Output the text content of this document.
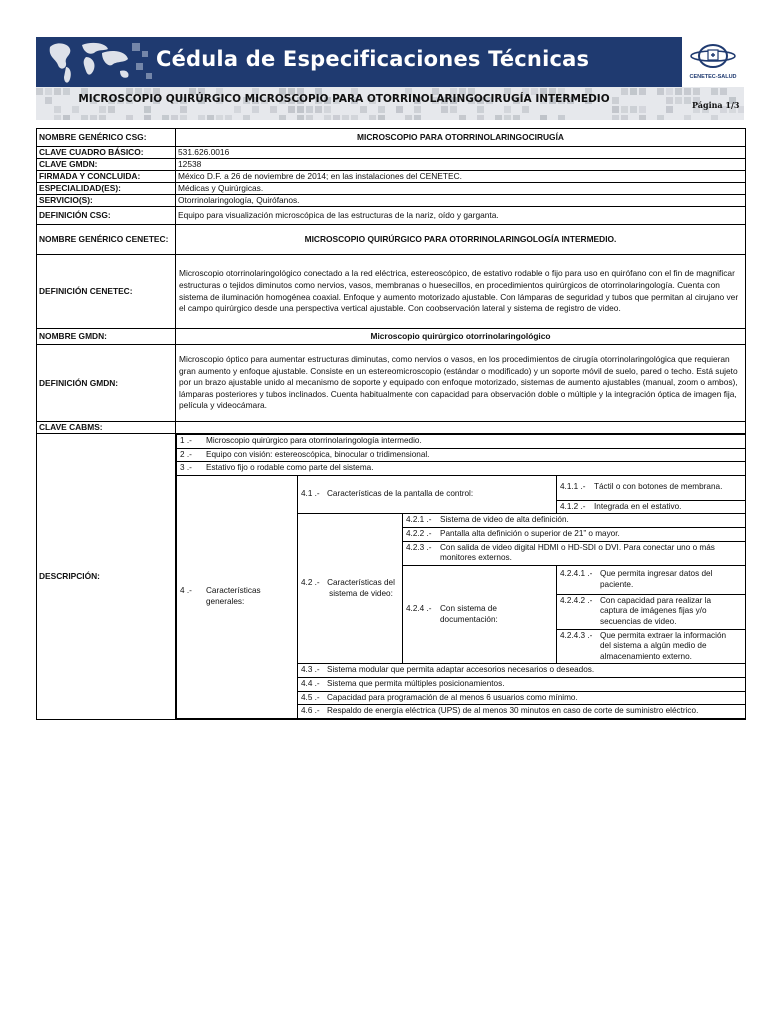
Cédula de Especificaciones Técnicas
CENETEC-SALUD
MICROSCOPIO QUIRÚRGICO MICROSCOPIO PARA OTORRINOLARINGOCIRUGÍA INTERMEDIO	Página 1/3
NOMBRE GENÉRICO CSG:	MICROSCOPIO PARA OTORRINOLARINGOCIRUGÍA
CLAVE CUADRO BÁSICO:	531.626.0016
CLAVE GMDN:	12538
FIRMADA Y CONCLUIDA:	México D.F. a 26 de noviembre de 2014; en las instalaciones del CENETEC.
ESPECIALIDAD(ES):	Médicas y Quirúrgicas.
SERVICIO(S):	Otorrinolaringología, Quirófanos.
DEFINICIÓN CSG:	Equipo para visualización microscópica de las estructuras de la nariz, oído y garganta.
NOMBRE GENÉRICO CENETEC:	MICROSCOPIO QUIRÚRGICO PARA OTORRINOLARINGOLOGÍA INTERMEDIO.
DEFINICIÓN CENETEC:	Microscopio otorrinolaringológico conectado a la red eléctrica, estereoscópico, de estativo rodable o fijo para uso en quirófano con el fin de magnificar estructuras o tejidos diminutos como nervios, vasos, membranas o huesecillos, en procedimientos quirúrgicos de otorrinolaringología. Cuenta con sistema de iluminación homogénea coaxial. Enfoque y aumento motorizado ajustable. Con lámparas de seguridad y tubos que permitan al cirujano ver el campo quirúrgico desde una perspectiva vertical ajustable. Con coobservación lateral y sistema de registro de video.
NOMBRE GMDN:	Microscopio quirúrgico otorrinolaringológico
DEFINICIÓN GMDN:	Microscopio óptico para aumentar estructuras diminutas, como nervios o vasos, en los procedimientos de cirugía otorrinolaringológica que requieran gran aumento y enfoque ajustable. Consiste en un estereomicroscopio (estándar o modificado) y un soporte móvil de suelo, pared o techo. Está sujeto por un brazo ajustable unido al mecanismo de soporte y equipado con enfoque motorizado, sistemas de aumento ajustables (manual, zoom o ambos), lámparas posteriores y tubos inclinados. Cuenta habitualmente con capacidad para observación doble o múltiple y la integración óptica de imagen fija, película y videocámara.
CLAVE CABMS:	
DESCRIPCIÓN:	
1 .- Microscopio quirúrgico para otorrinolaringología intermedio.
2 .- Equipo con visión: estereoscópica, binocular o tridimensional.
3 .- Estativo fijo o rodable como parte del sistema.
4 .- Características generales:	4.1 .- Características de la pantalla de control:	4.1.1 .- Táctil o con botones de membrana.
4.1.2 .- Integrada en el estativo.
4.2 .- Características del sistema de video:	4.2.1 .- Sistema de video de alta definición.
4.2.2 .- Pantalla alta definición o superior de 21” o mayor.
4.2.3 .- Con salida de video digital HDMI o HD-SDI o DVI. Para conectar uno o más monitores externos.
4.2.4 .- Con sistema de documentación:	4.2.4.1 .- Que permita ingresar datos del paciente.
4.2.4.2 .- Con capacidad para realizar la captura de imágenes fijas y/o secuencias de video.
4.2.4.3 .- Que permita extraer la información del sistema a algún medio de almacenamiento externo.
4.3 .- Sistema modular que permita adaptar accesorios necesarios o deseados.
4.4 .- Sistema que permita múltiples posicionamientos.
4.5 .- Capacidad para programación de al menos 6 usuarios como mínimo.
4.6 .- Respaldo de energía eléctrica (UPS) de al menos 30 minutos en caso de corte de suministro eléctrico.
